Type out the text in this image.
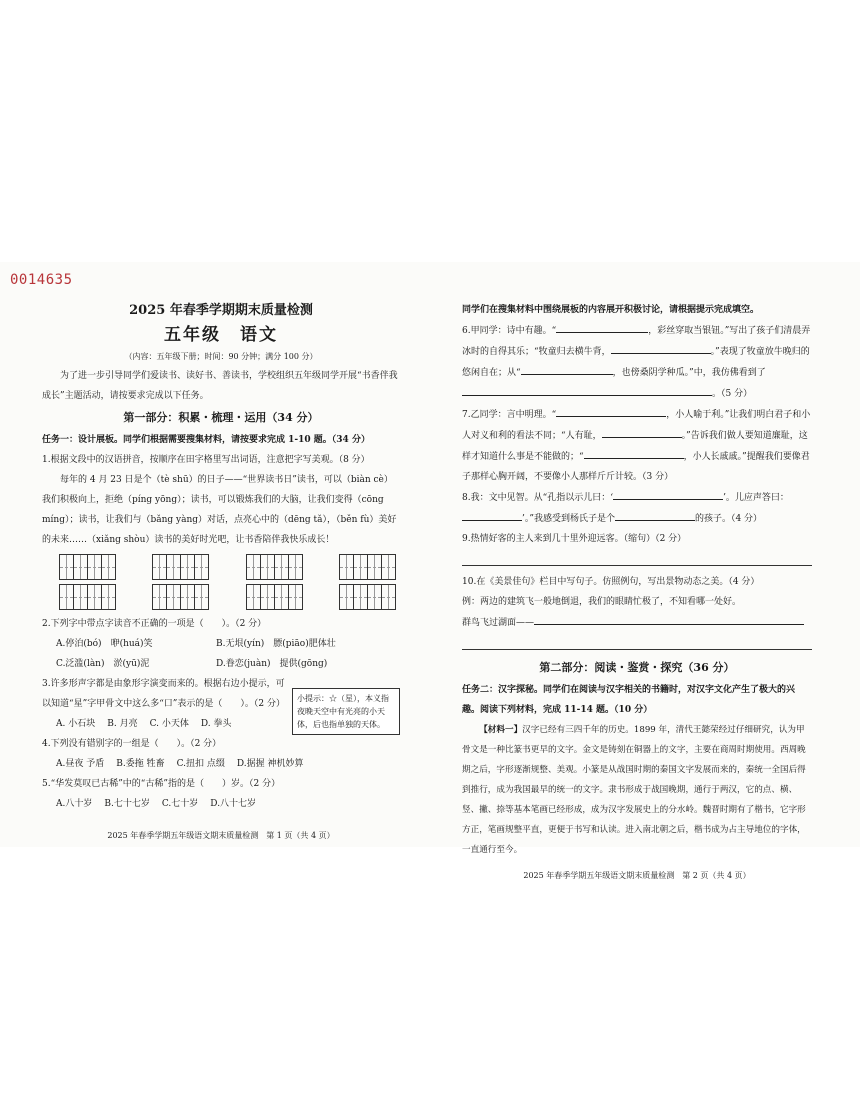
0014635
2025 年春季学期期末质量检测
五年级　语文
（内容：五年级下册；时间：90 分钟；满分 100 分）
为了进一步引导同学们爱读书、读好书、善读书，学校组织五年级同学开展“书香伴我成长”主题活动，请按要求完成以下任务。
第一部分：积累・梳理・运用（34 分）
任务一：设计展板。同学们根据需要搜集材料，请按要求完成 1-10 题。（34 分）
1.根据文段中的汉语拼音，按顺序在田字格里写出词语，注意把字写美观。（8 分）
每年的 4 月 23 日是个（tè shū）的日子——“世界读书日”读书，可以（biàn cè）我们积极向上，拒绝（píng yōng）；读书，可以锻炼我们的大脑，让我们变得（cōng míng）；读书，让我们与（bǎng yàng）对话，点亮心中的（dēng tǎ），（běn fù）美好的未来……（xiǎng shòu）读书的美好时光吧，让书香陪伴我快乐成长！
2.下列字中带点字读音不正确的一项是（　　）。（2 分）
A.停泊(bó)　咿(huá)笑	B.无垠(yín)　膘(piāo)肥体壮
C.泛滥(làn)　淤(yū)泥	D.眷恋(juàn)　提供(gōng)
3.许多形声字都是由象形字演变而来的。根据右边小提示，可以知道“星”字甲骨文中这么多“口”表示的是（　　）。（2 分）
A. 小石块 B. 月亮 C. 小天体 D. 拳头
4.下列没有错别字的一组是（　　）。（2 分）
A.昼夜 予盾 B.委拖 牲畜 C.扭扣 点缀 D.据握 神机妙算
5.“华发莫叹已古稀”中的“古稀”指的是（　　）岁。（2 分）
A.八十岁 B.七十七岁 C.七十岁 D.八十七岁
2025 年春季学期五年级语文期末质量检测　第 1 页（共 4 页）
小提示：☆（星），本义指夜晚天空中有光亮的小天体，后也指单独的天体。
同学们在搜集材料中围绕展板的内容展开积极讨论，请根据提示完成填空。
6.甲同学：诗中有趣。“	，彩丝穿取当银钮。”写出了孩子们清晨弄冰时的自得其乐；“牧童归去横牛背，	。”表现了牧童放牛晚归的悠闲自在；从“	，也傍桑阴学种瓜。”中，我仿佛看到了。（5 分）
7.乙同学：言中明理。“	，小人喻于利。”让我们明白君子和小人对义和利的看法不同；“人有耻，	。”告诉我们做人要知道廉耻，这样才知道什么事是不能做的；“	，小人长戚戚。”提醒我们要像君子那样心胸开阔，不要像小人那样斤斤计较。（3 分）
8.我：文中见智。从“孔指以示儿曰：‘	’。儿应声答曰：’。”我感受到杨氏子是个	的孩子。（4 分）
9.热情好客的主人来到几十里外迎远客。（缩句）（2 分）
10.在《美景佳句》栏目中写句子。仿照例句，写出景物动态之美。（4 分）
例：两边的建筑飞一般地倒退，我们的眼睛忙极了，不知看哪一处好。
群鸟飞过湖面——
第二部分：阅读・鉴赏・探究（36 分）
任务二：汉字探秘。同学们在阅读与汉字相关的书籍时，对汉字文化产生了极大的兴趣。阅读下列材料，完成 11-14 题。（10 分）
【材料一】汉字已经有三四千年的历史。1899 年，清代王懿荣经过仔细研究，认为甲骨文是一种比篆书更早的文字。金文是铸刻在铜器上的文字，主要在商周时期使用。西周晚期之后，字形逐渐规整、美观。小篆是从战国时期的秦国文字发展而来的，秦统一全国后得到推行，成为我国最早的统一的文字。隶书形成于战国晚期，通行于两汉，它的点、横、竖、撇、捺等基本笔画已经形成，成为汉字发展史上的分水岭。魏晋时期有了楷书，它字形方正，笔画规整平直，更便于书写和认读。进入南北朝之后，楷书成为占主导地位的字体，一直通行至今。
2025 年春季学期五年级语文期末质量检测　第 2 页（共 4 页）
